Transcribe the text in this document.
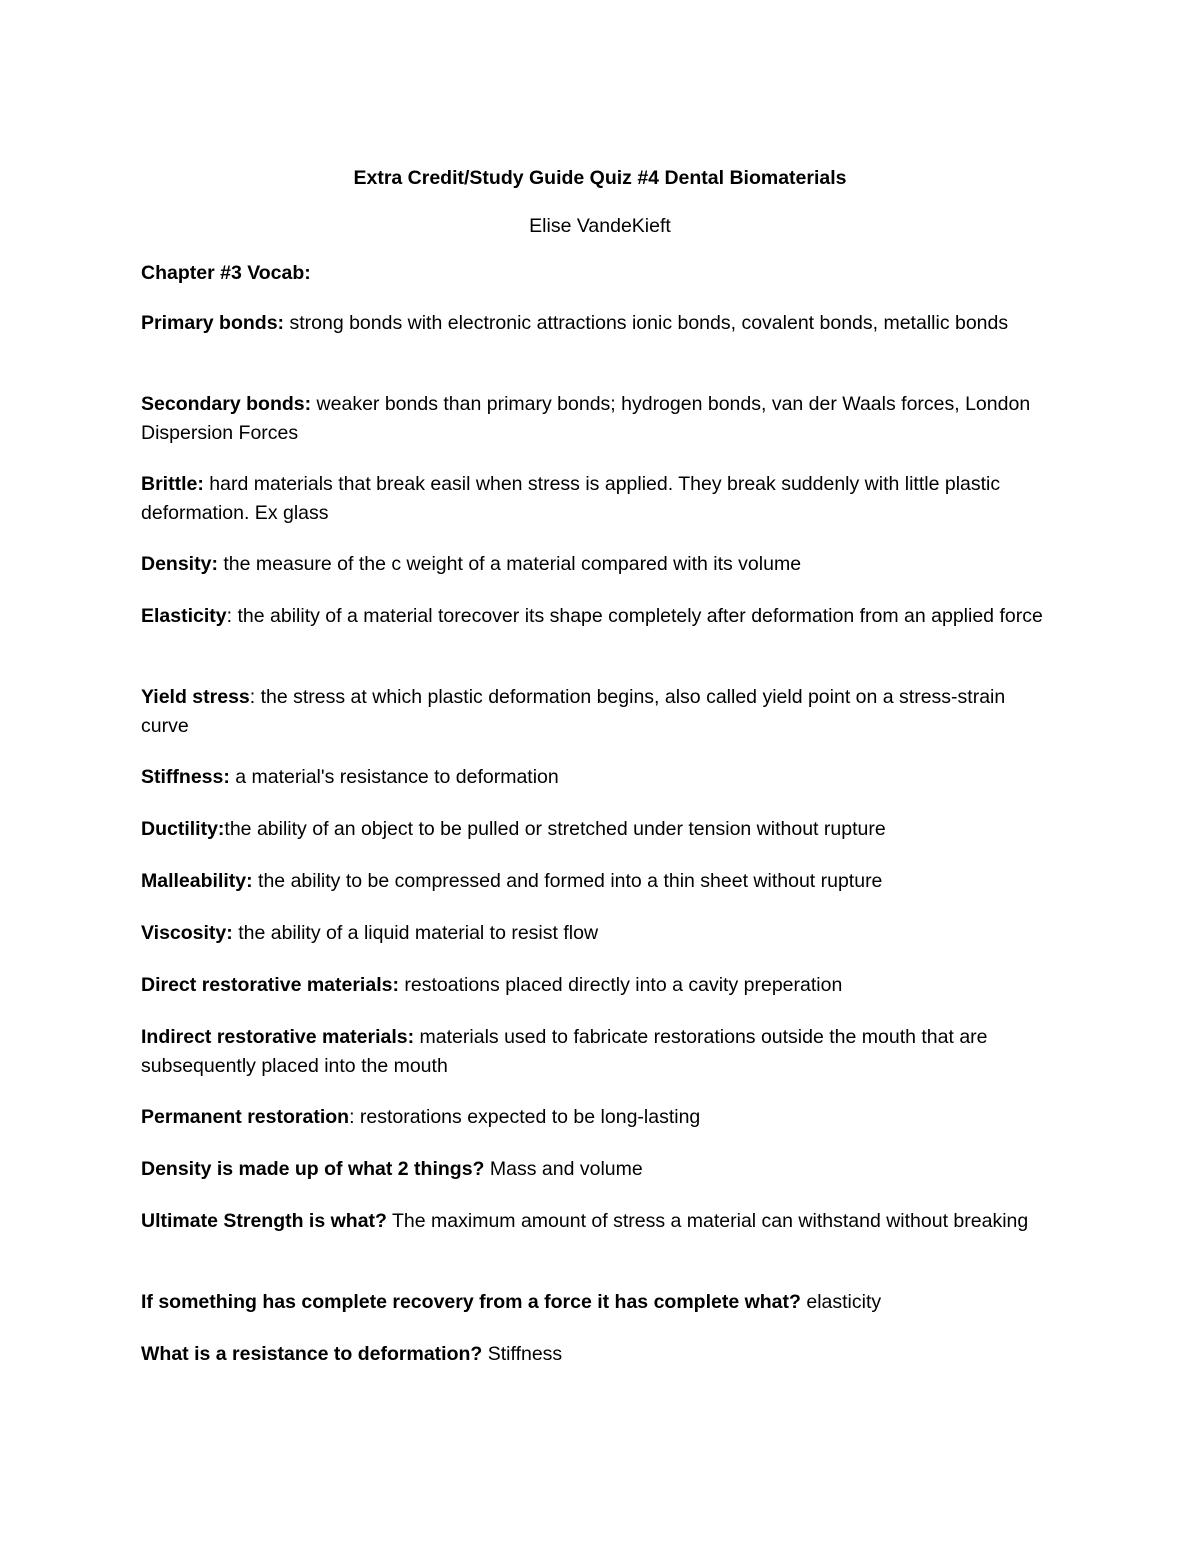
Extra Credit/Study Guide Quiz #4 Dental Biomaterials

Elise VandeKieft

Chapter #3 Vocab:

Primary bonds: strong bonds with electronic attractions ionic bonds, covalent bonds, metallic bonds

Secondary bonds: weaker bonds than primary bonds; hydrogen bonds, van der Waals forces, London Dispersion Forces

Brittle: hard materials that break easil when stress is applied. They break suddenly with little plastic deformation. Ex glass

Density: the measure of the c weight of a material compared with its volume

Elasticity: the ability of a material torecover its shape completely after deformation from an applied force

Yield stress: the stress at which plastic deformation begins, also called yield point on a stress-strain curve

Stiffness: a material's resistance to deformation

Ductility:the ability of an object to be pulled or stretched under tension without rupture

Malleability: the ability to be compressed and formed into a thin sheet without rupture

Viscosity: the ability of a liquid material to resist flow

Direct restorative materials: restoations placed directly into a cavity preperation

Indirect restorative materials: materials used to fabricate restorations outside the mouth that are subsequently placed into the mouth

Permanent restoration: restorations expected to be long-lasting

Density is made up of what 2 things? Mass and volume

Ultimate Strength is what? The maximum amount of stress a material can withstand without breaking

If something has complete recovery from a force it has complete what? elasticity

What is a resistance to deformation? Stiffness
